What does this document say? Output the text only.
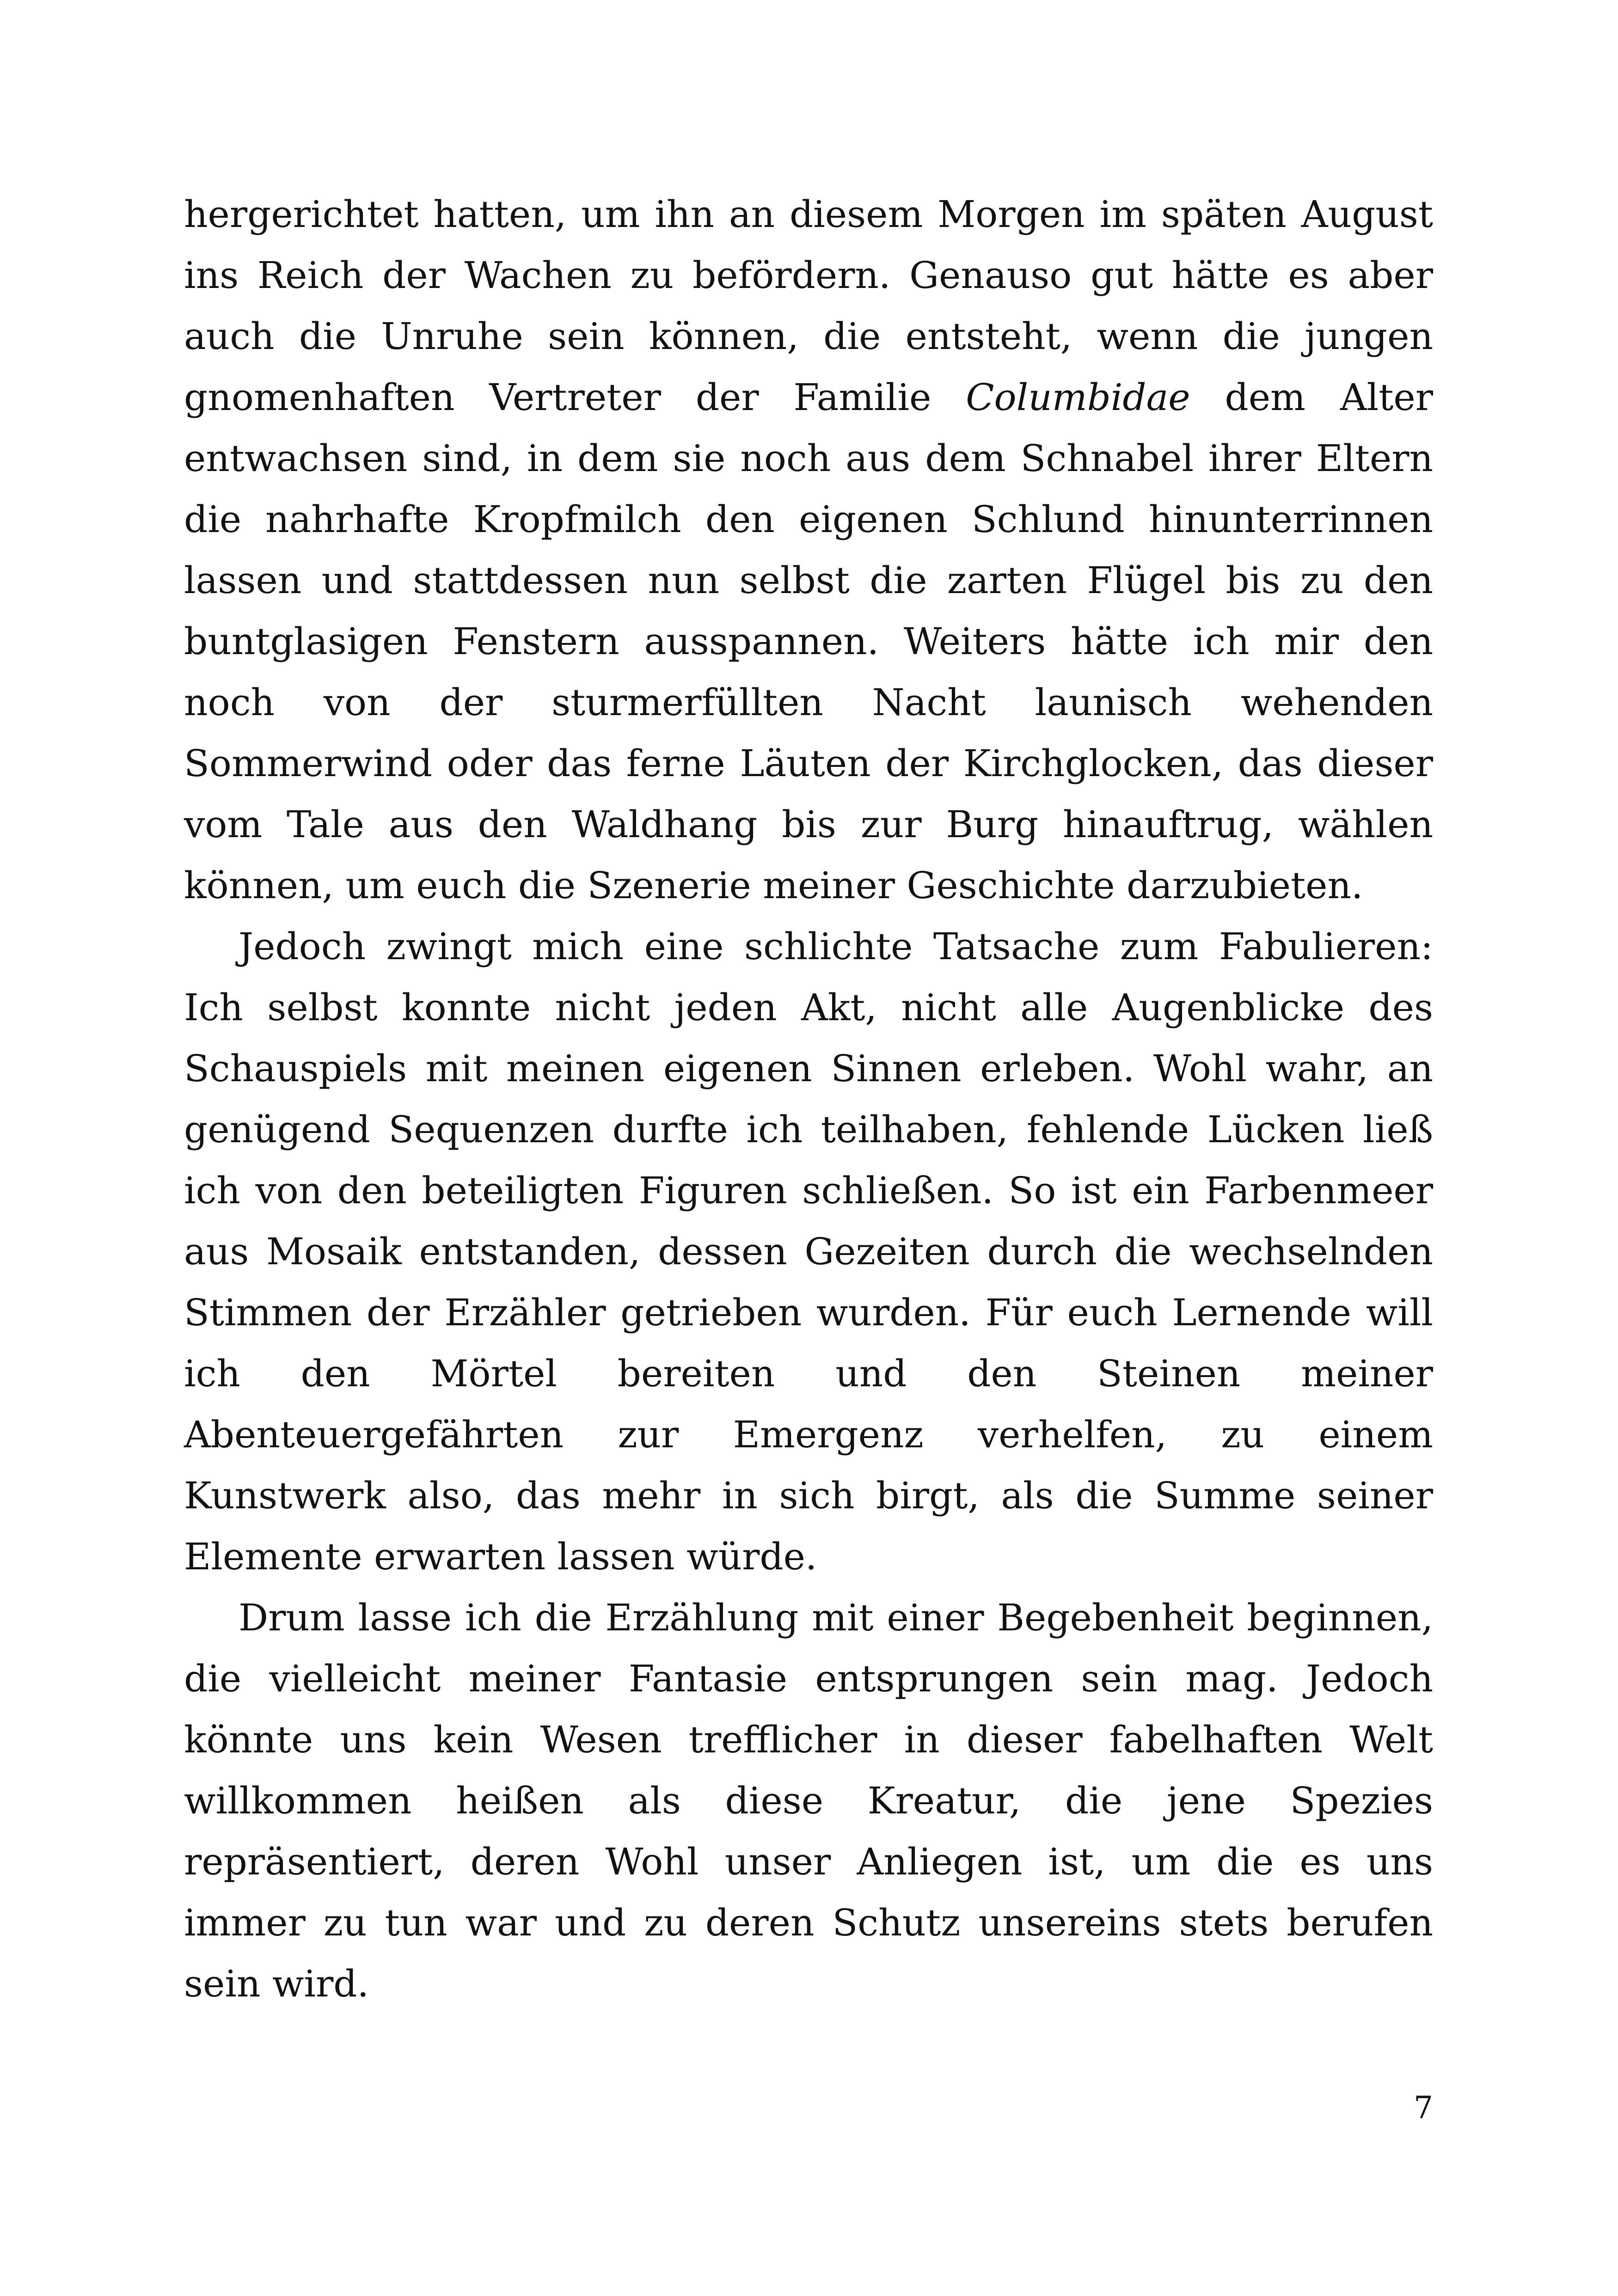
hergerichtet hatten, um ihn an diesem Morgen im späten August ins Reich der Wachen zu befördern. Genauso gut hätte es aber auch die Unruhe sein können, die entsteht, wenn die jungen gnomenhaften Vertreter der Familie Columbidae dem Alter entwachsen sind, in dem sie noch aus dem Schnabel ihrer Eltern die nahrhafte Kropfmilch den eigenen Schlund hinunterrinnen lassen und stattdessen nun selbst die zarten Flügel bis zu den buntglasigen Fenstern ausspannen. Weiters hätte ich mir den noch von der sturmerfüllten Nacht launisch wehenden Sommerwind oder das ferne Läuten der Kirchglocken, das dieser vom Tale aus den Waldhang bis zur Burg hinauftrug, wählen können, um euch die Szenerie meiner Geschichte darzubieten.

Jedoch zwingt mich eine schlichte Tatsache zum Fabulieren: Ich selbst konnte nicht jeden Akt, nicht alle Augenblicke des Schauspiels mit meinen eigenen Sinnen erleben. Wohl wahr, an genügend Sequenzen durfte ich teilhaben, fehlende Lücken ließ ich von den beteiligten Figuren schließen. So ist ein Farbenmeer aus Mosaik entstanden, dessen Gezeiten durch die wechselnden Stimmen der Erzähler getrieben wurden. Für euch Lernende will ich den Mörtel bereiten und den Steinen meiner Abenteuergefährten zur Emergenz verhelfen, zu einem Kunstwerk also, das mehr in sich birgt, als die Summe seiner Elemente erwarten lassen würde.

Drum lasse ich die Erzählung mit einer Begebenheit beginnen, die vielleicht meiner Fantasie entsprungen sein mag. Jedoch könnte uns kein Wesen trefflicher in dieser fabelhaften Welt willkommen heißen als diese Kreatur, die jene Spezies repräsentiert, deren Wohl unser Anliegen ist, um die es uns immer zu tun war und zu deren Schutz unsereins stets berufen sein wird.

7
